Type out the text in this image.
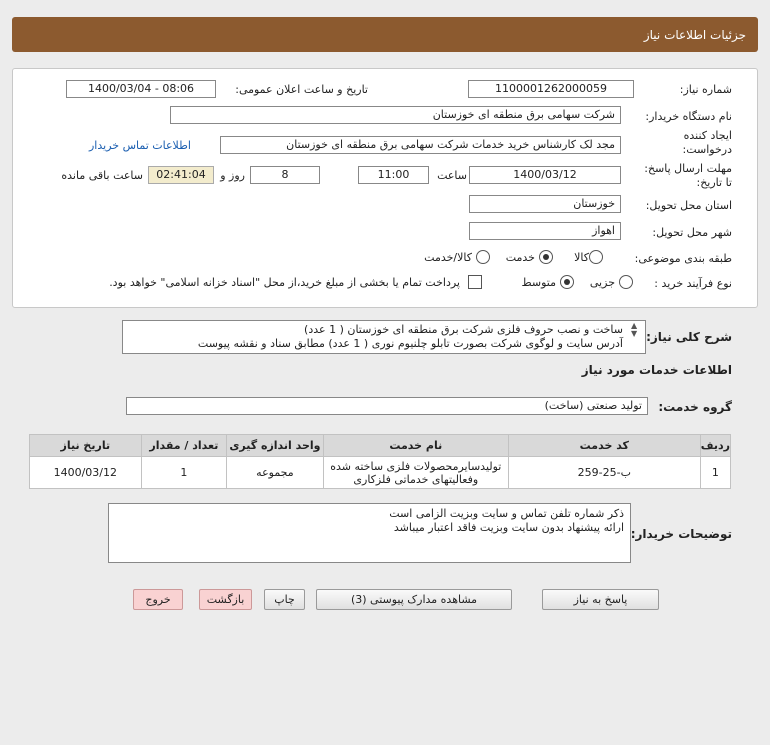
جزئیات اطلاعات نیاز
شماره نیاز:
1100001262000059
تاریخ و ساعت اعلان عمومی:
1400/03/04 - 08:06
نام دستگاه خریدار:
شرکت سهامی برق منطقه ای خوزستان
ایجاد کننده
درخواست:
مجد لک کارشناس خرید خدمات شرکت سهامی برق منطقه ای خوزستان
اطلاعات تماس خریدار
مهلت ارسال پاسخ:
تا تاریخ:
1400/03/12
ساعت
11:00
8
روز و
02:41:04
ساعت باقی مانده
استان محل تحویل:
خوزستان
شهر محل تحویل:
اهواز
طبقه بندی موضوعی:
کالا
خدمت
کالا/خدمت
نوع فرآیند خرید :
جزیی
متوسط
پرداخت تمام یا بخشی از مبلغ خرید،از محل "اسناد خزانه اسلامی" خواهد بود.
شرح کلی نیاز:
ساخت و نصب حروف فلزی شرکت برق منطقه ای خوزستان ( 1 عدد)
آدرس سایت و لوگوی شرکت بصورت تابلو چلنیوم نوری ( 1 عدد) مطابق سناد و نقشه پیوست
▲
▼
اطلاعات خدمات مورد نیاز
گروه خدمت:
تولید صنعتی (ساخت)
تاریخ نیاز	تعداد / مقدار	واحد اندازه گیری	نام خدمت	کد خدمت	ردیف
1400/03/12	1	مجموعه	تولیدسایرمحصولات فلزی ساخته شده وفعالیتهای خدماتی فلزکاری	ب-25-259	1
توضیحات خریدار:
ذکر شماره تلفن تماس و سایت وبزیت الزامی است
ارائه پیشنهاد بدون سایت وبزیت فاقد اعتبار میباشد
پاسخ به نیاز
مشاهده مدارک پیوستی (3)
چاپ
بازگشت
خروج
